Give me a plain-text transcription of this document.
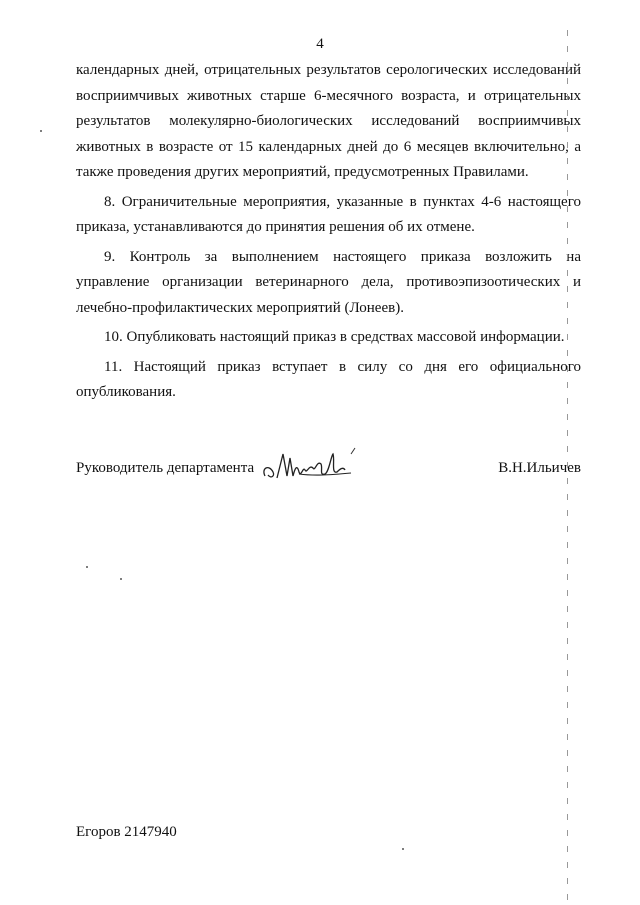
4

календарных дней, отрицательных результатов серологических исследований восприимчивых животных старше 6-месячного возраста, и отрицательных результатов молекулярно-биологических исследований восприимчивых животных в возрасте от 15 календарных дней до 6 месяцев включительно, а также проведения других мероприятий, предусмотренных Правилами.

8. Ограничительные мероприятия, указанные в пунктах 4-6 настоящего приказа, устанавливаются до принятия решения об их отмене.

9. Контроль за выполнением настоящего приказа возложить на управление организации ветеринарного дела, противоэпизоотических и лечебно-профилактических мероприятий (Лонеев).

10. Опубликовать настоящий приказ в средствах массовой информации.

11. Настоящий приказ вступает в силу со дня его официального опубликования.

Руководитель департамента	В.Н.Ильичев
Егоров 2147940
